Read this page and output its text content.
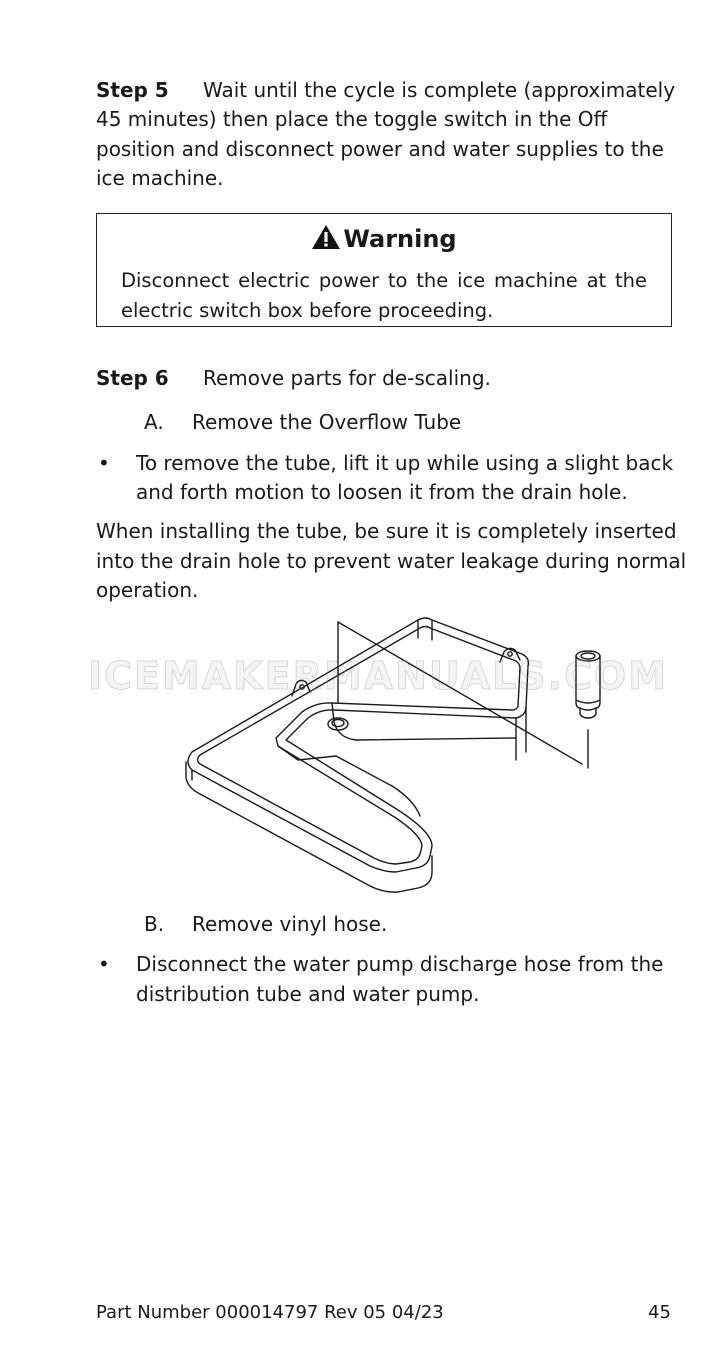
Step 5 Wait until the cycle is complete (approximately
45 minutes) then place the toggle switch in the Off
position and disconnect power and water supplies to the
ice machine.
Warning
Disconnect electric power to the ice machine at the
electric switch box before proceeding.
Step 6 Remove parts for de-scaling.
A. Remove the Overflow Tube
• To remove the tube, lift it up while using a slight back
and forth motion to loosen it from the drain hole.
When installing the tube, be sure it is completely inserted
into the drain hole to prevent water leakage during normal
operation.
ICEMAKERMANUALS.COM
B. Remove vinyl hose.
• Disconnect the water pump discharge hose from the
distribution tube and water pump.
Part Number 000014797 Rev 05 04/23	45
